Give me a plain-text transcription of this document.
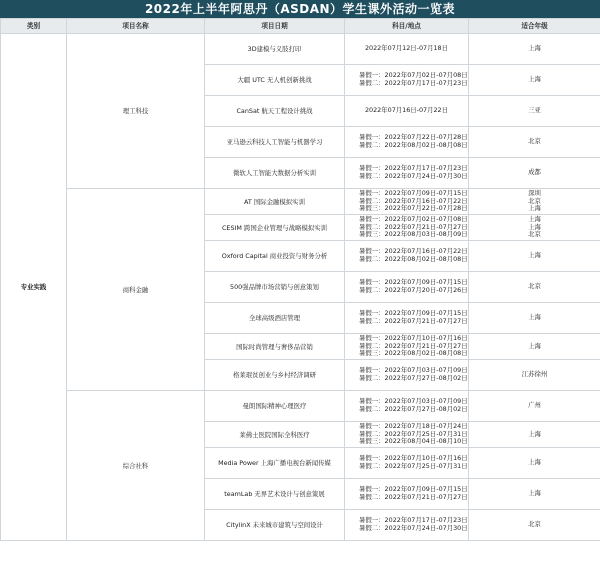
2022年上半年阿思丹（ASDAN）学生课外活动一览表
类别	项目名称	项目日期	科目/地点	适合年级	
专业实践	理工科技	3D建模与义肢打印	2022年07月12日-07月18日	上海

		大疆 UTC 无人机创新挑战	暑假一：2022年07月02日-07月08日
暑假二：2022年07月17日-07月23日	上海

		CanSat 航天工程设计挑战	2022年07月16日-07月22日	三亚

		亚马逊云科技人工智能与机器学习	暑假一：2022年07月22日-07月28日
暑假二：2022年08月02日-08月08日	北京

		微软人工智能大数据分析实训	暑假一：2022年07月17日-07月23日
暑假二：2022年07月24日-07月30日	成都

	商科金融	AT 国际金融模拟实训	暑假一：2022年07月09日-07月15日
暑假二：2022年07月16日-07月22日
暑假三：2022年07月22日-07月28日	深圳
北京
上海

		CESIM 跨国企业管理与战略模拟实训	暑假一：2022年07月02日-07月08日
暑假二：2022年07月21日-07月27日
暑假三：2022年08月03日-08月09日	上海
上海
北京

		Oxford Capital 商业投资与财务分析	暑假一：2022年07月16日-07月22日
暑假二：2022年08月02日-08月08日	上海

		500强品牌市场营销与创意策划	暑假一：2022年07月09日-07月15日
暑假二：2022年07月20日-07月26日	北京

		全球高级酒店管理	暑假一：2022年07月09日-07月15日
暑假二：2022年07月21日-07月27日	上海

		国际时尚管理与奢侈品营销	暑假一：2022年07月10日-07月16日
暑假二：2022年07月21日-07月27日
暑假三：2022年08月02日-08月08日	上海

		格莱珉贫创业与乡村经济调研	暑假一：2022年07月03日-07月09日
暑假二：2022年07月27日-08月02日	江苏徐州

	综合社科	曼朗国际精神心理医疗	暑假一：2022年07月03日-07月09日
暑假二：2022年07月27日-08月02日	广州

		莱佛士医院国际全科医疗	暑假一：2022年07月18日-07月24日
暑假二：2022年07月25日-07月31日
暑假三：2022年08月04日-08月10日	上海

		Media Power 上海广播电视台新闻传媒	暑假一：2022年07月10日-07月16日
暑假二：2022年07月25日-07月31日	上海

		teamLab 无界艺术设计与创意策展	暑假一：2022年07月09日-07月15日
暑假二：2022年07月21日-07月27日	上海

		CitylinX 未来城市建筑与空间设计	暑假一：2022年07月17日-07月23日
暑假二：2022年07月24日-07月30日	北京
